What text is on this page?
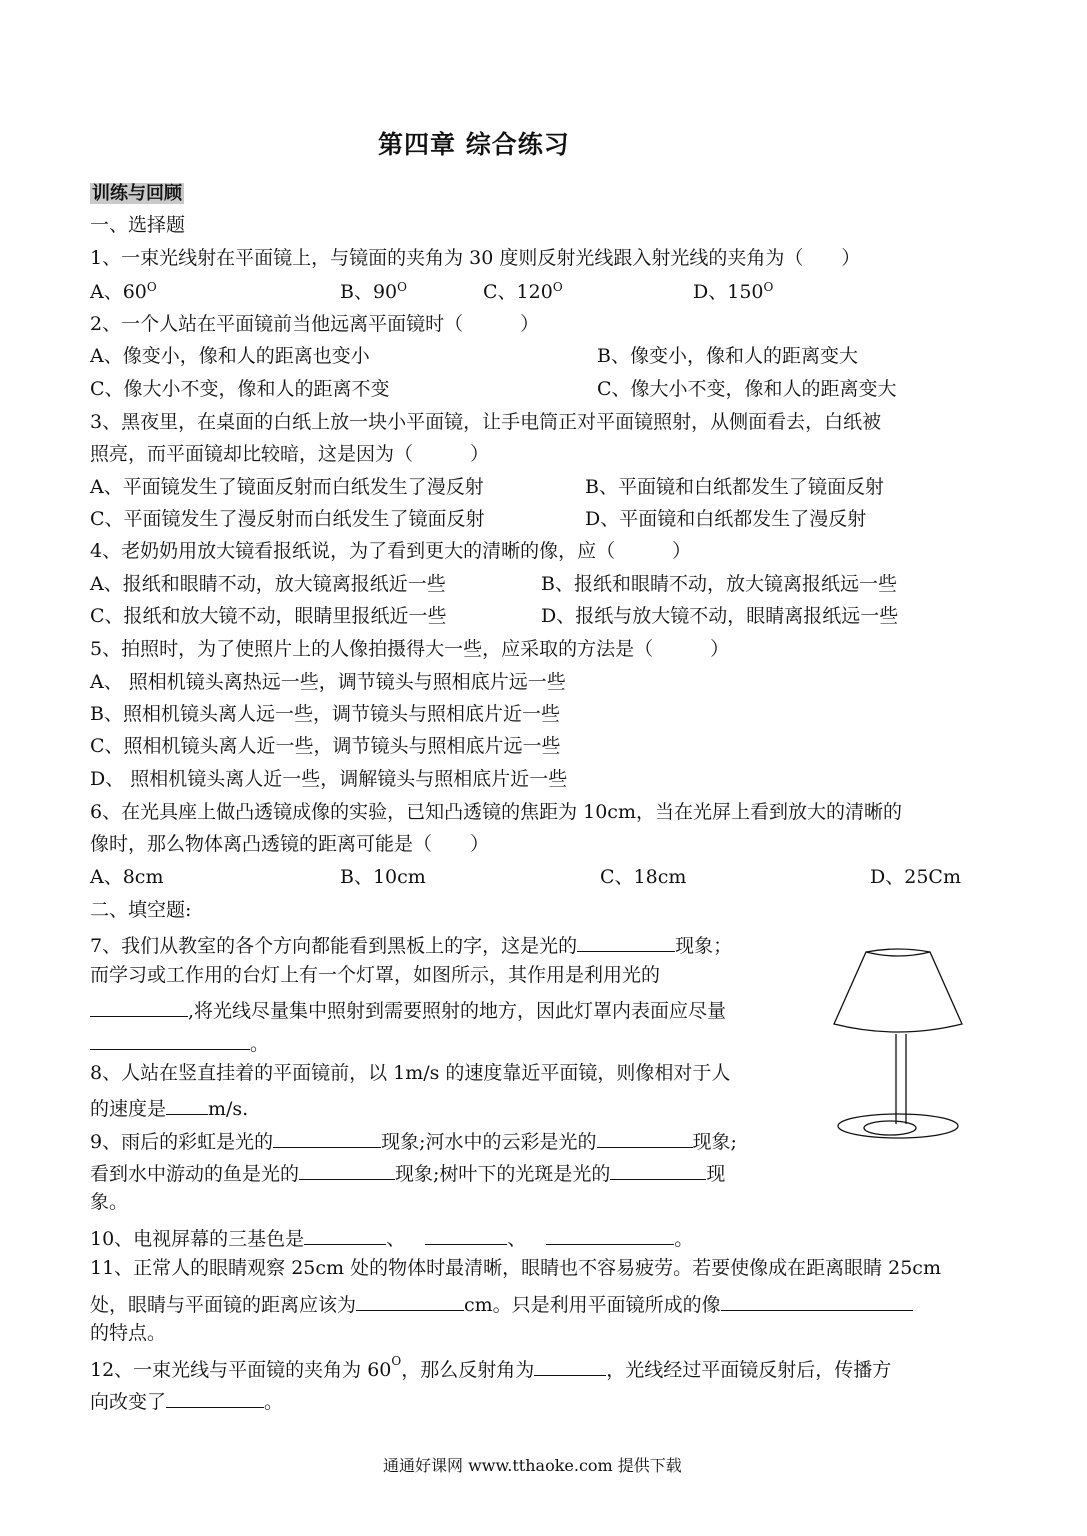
第四章 综合练习
训练与回顾
一、选择题
1、一束光线射在平面镜上，与镜面的夹角为 30 度则反射光线跟入射光线的夹角为（　　）
A、$60^O$	B、$90^O$	C、$120^O$	D、$150^O$
2、一个人站在平面镜前当他远离平面镜时（　　　）
A、像变小，像和人的距离也变小	B、像变小，像和人的距离变大
C、像大小不变，像和人的距离不变	C、像大小不变，像和人的距离变大
3、黑夜里，在桌面的白纸上放一块小平面镜，让手电筒正对平面镜照射，从侧面看去，白纸被
照亮，而平面镜却比较暗，这是因为（　　　）
A、平面镜发生了镜面反射而白纸发生了漫反射	B、平面镜和白纸都发生了镜面反射
C、平面镜发生了漫反射而白纸发生了镜面反射	D、平面镜和白纸都发生了漫反射
4、老奶奶用放大镜看报纸说，为了看到更大的清晰的像，应（　　　）
A、报纸和眼睛不动，放大镜离报纸近一些	B、报纸和眼睛不动，放大镜离报纸远一些
C、报纸和放大镜不动，眼睛里报纸近一些	D、报纸与放大镜不动，眼睛离报纸远一些
5、拍照时，为了使照片上的人像拍摄得大一些，应采取的方法是（　　　）
A、 照相机镜头离热远一些，调节镜头与照相底片远一些
B、照相机镜头离人远一些，调节镜头与照相底片近一些
C、照相机镜头离人近一些，调节镜头与照相底片远一些
D、 照相机镜头离人近一些，调解镜头与照相底片近一些
6、在光具座上做凸透镜成像的实验，已知凸透镜的焦距为 10cm，当在光屏上看到放大的清晰的
像时，那么物体离凸透镜的距离可能是（　　）
A、8cm	B、10cm	C、18cm	D、25Cm
二、填空题:
7、我们从教室的各个方向都能看到黑板上的字，这是光的	现象；
而学习或工作用的台灯上有一个灯罩，如图所示，其作用是利用光的
,将光线尽量集中照射到需要照射的地方，因此灯罩内表面应尽量
。
8、人站在竖直挂着的平面镜前，以 1m/s 的速度靠近平面镜，则像相对于人
的速度是 m/s.
9、雨后的彩虹是光的	现象;河水中的云彩是光的	现象;
看到水中游动的鱼是光的	现象;树叶下的光斑是光的	现
象。
10、电视屏幕的三基色是	、	、	。
11、正常人的眼睛观察 25cm 处的物体时最清晰，眼睛也不容易疲劳。若要使像成在距离眼睛 25cm
处，眼睛与平面镜的距离应该为	cm。只是利用平面镜所成的像
的特点。
12、一束光线与平面镜的夹角为 $60^O$，那么反射角为	，光线经过平面镜反射后，传播方
向改变了	。
通通好课网 www.tthaoke.com 提供下载
